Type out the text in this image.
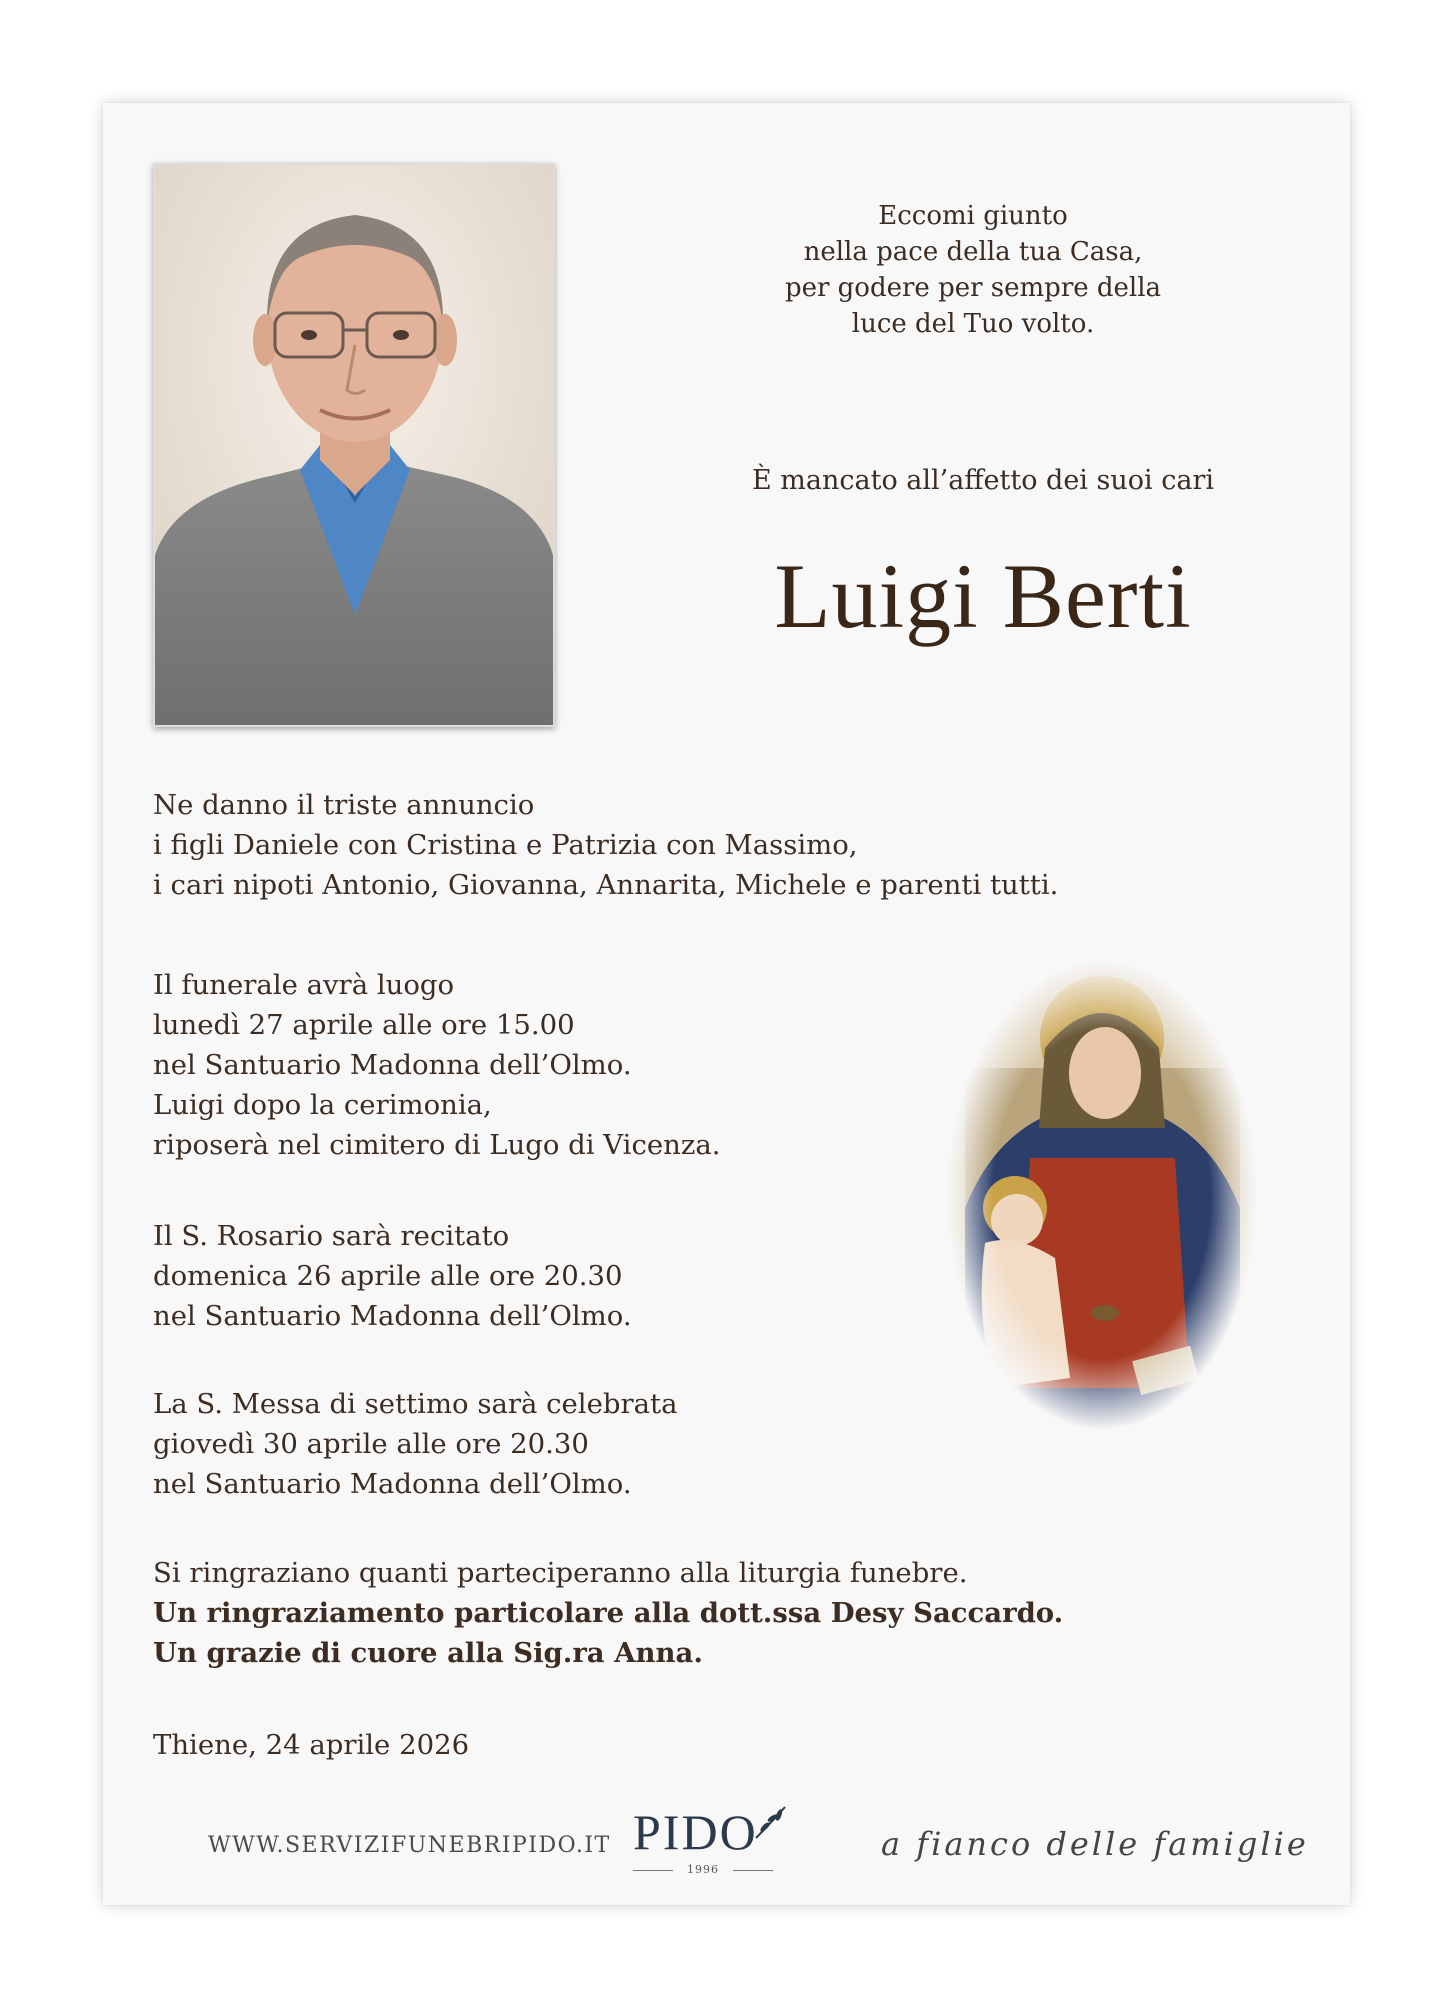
Eccomi giunto
nella pace della tua Casa,
per godere per sempre della
luce del Tuo volto.
È mancato all’affetto dei suoi cari
Luigi Berti
Ne danno il triste annuncio
i figli Daniele con Cristina e Patrizia con Massimo,
i cari nipoti Antonio, Giovanna, Annarita, Michele e parenti tutti.
Il funerale avrà luogo
lunedì 27 aprile alle ore 15.00
nel Santuario Madonna dell’Olmo.
Luigi dopo la cerimonia,
riposerà nel cimitero di Lugo di Vicenza.
Il S. Rosario sarà recitato
domenica 26 aprile alle ore 20.30
nel Santuario Madonna dell’Olmo.
La S. Messa di settimo sarà celebrata
giovedì 30 aprile alle ore 20.30
nel Santuario Madonna dell’Olmo.
Si ringraziano quanti parteciperanno alla liturgia funebre.
Un ringraziamento particolare alla dott.ssa Desy Saccardo.
Un grazie di cuore alla Sig.ra Anna.
Thiene, 24 aprile 2026
WWW.SERVIZIFUNEBRIPIDO.IT PIDO
1996
a fianco delle famiglie
